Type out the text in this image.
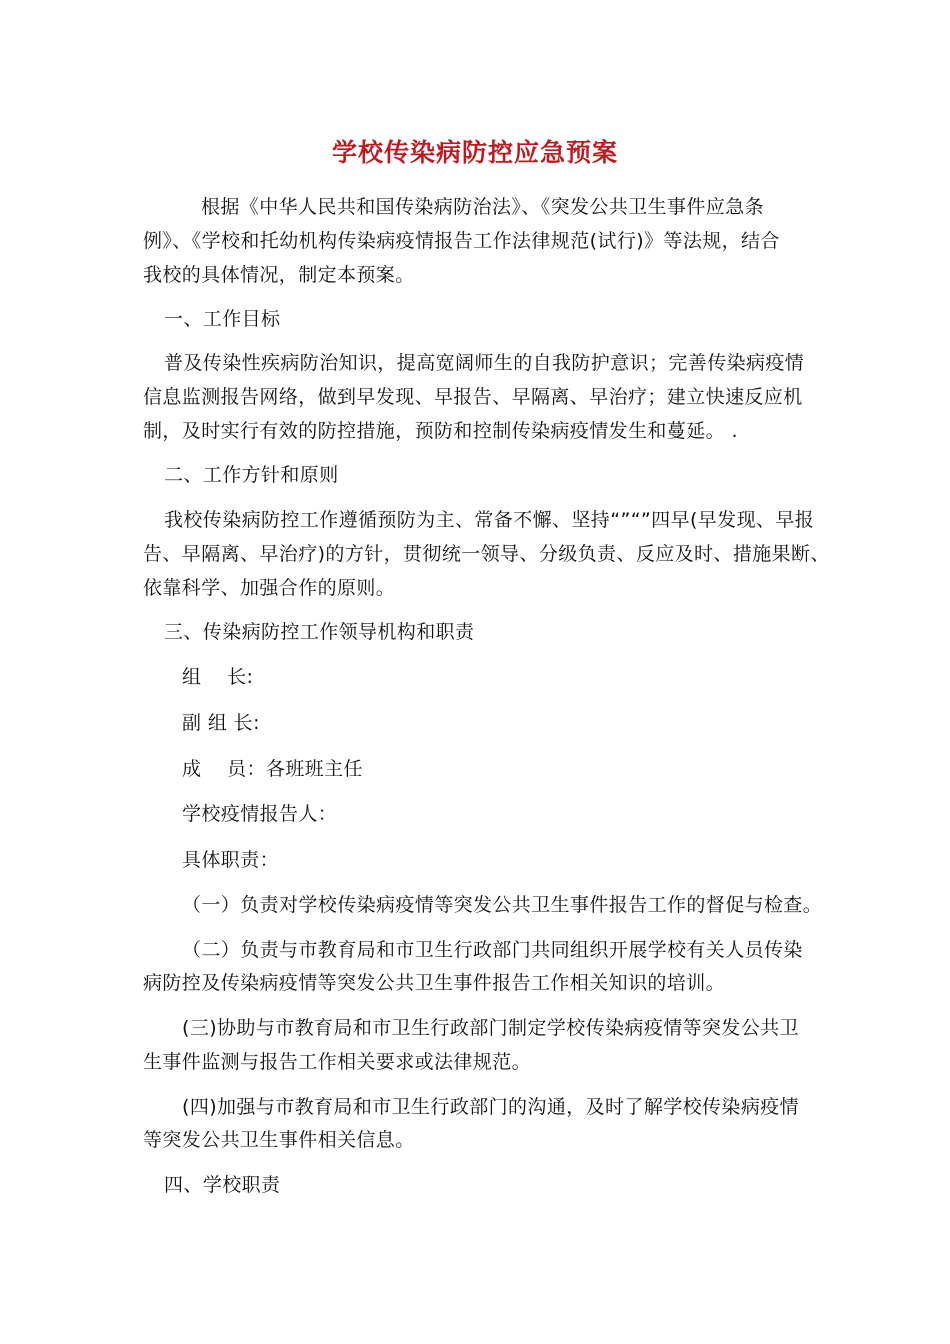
学校传染病防控应急预案
根据《中华人民共和国传染病防治法》、《突发公共卫生事件应急条
例》、《学校和托幼机构传染病疫情报告工作法律规范(试行)》等法规，结合
我校的具体情况，制定本预案。
一、工作目标
普及传染性疾病防治知识，提高宽阔师生的自我防护意识；完善传染病疫情
信息监测报告网络，做到早发现、早报告、早隔离、早治疗；建立快速反应机
制，及时实行有效的防控措施，预防和控制传染病疫情发生和蔓延。 .
二、工作方针和原则
我校传染病防控工作遵循预防为主、常备不懈、坚持“”“”四早(早发现、早报
告、早隔离、早治疗)的方针，贯彻统一领导、分级负责、反应及时、措施果断、
依靠科学、加强合作的原则。
三、传染病防控工作领导机构和职责
组    长:
副 组 长:
成    员：各班班主任
学校疫情报告人：
具体职责：
（一）负责对学校传染病疫情等突发公共卫生事件报告工作的督促与检查。
（二）负责与市教育局和市卫生行政部门共同组织开展学校有关人员传染
病防控及传染病疫情等突发公共卫生事件报告工作相关知识的培训。
(三)协助与市教育局和市卫生行政部门制定学校传染病疫情等突发公共卫
生事件监测与报告工作相关要求或法律规范。
(四)加强与市教育局和市卫生行政部门的沟通，及时了解学校传染病疫情
等突发公共卫生事件相关信息。
四、学校职责
